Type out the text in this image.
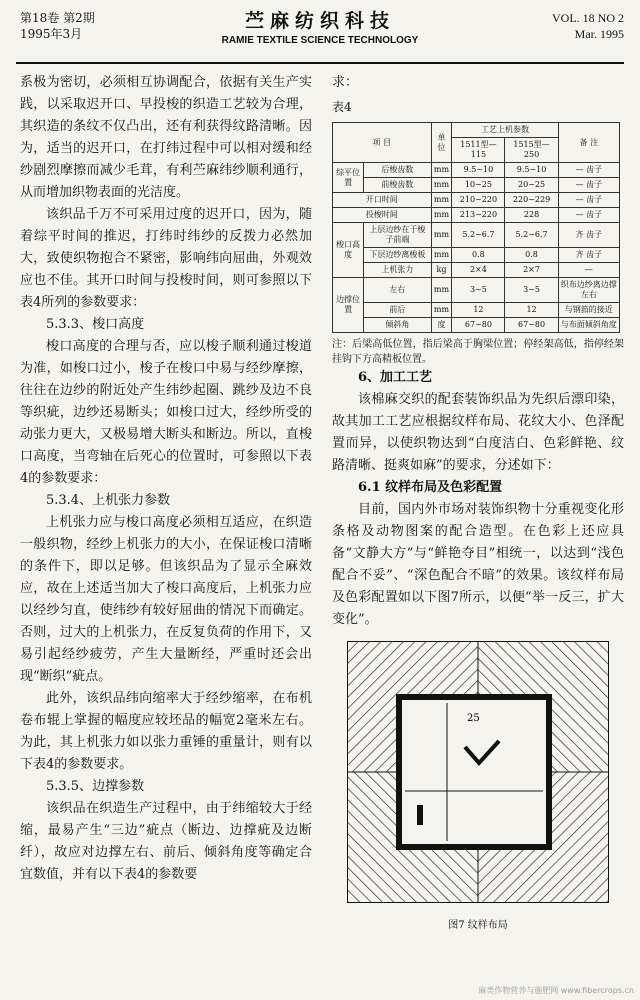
第18卷 第2期
1995年3月
苎麻纺织科技
RAMIE TEXTILE SCIENCE TECHNOLOGY
VOL. 18 NO 2
Mar. 1995

系极为密切，必须相互协调配合，依据有关生产实践，以采取迟开口、早投梭的织造工艺较为合理，其织造的条纹不仅凸出，还有利获得纹路清晰。因为，适当的迟开口，在打纬过程中可以相对缓和经纱剧烈摩擦而减少毛茸，有利苎麻纬纱顺利通行，从而增加织物表面的光洁度。

该织品千万不可采用过度的迟开口，因为，随着综平时间的推迟，打纬时纬纱的反拨力必然加大，致使织物抱合不紧密，影响纬向屈曲，外观效应也不佳。其开口时间与投梭时间，则可参照以下表4所列的参数要求：

5.3.3、梭口高度

梭口高度的合理与否，应以梭子顺利通过梭道为准，如梭口过小，梭子在梭口中易与经纱摩擦，往往在边纱的附近处产生纬纱起圈、跳纱及边不良等织疵，边纱还易断头；如梭口过大，经纱所受的动张力更大，又极易增大断头和断边。所以，直梭口高度，当弯轴在后死心的位置时，可参照以下表4的参数要求：

5.3.4、上机张力参数

上机张力应与梭口高度必须相互适应，在织造一般织物，经纱上机张力的大小，在保证梭口清晰的条件下，即以足够。但该织品为了显示全麻效应，故在上述适当加大了梭口高度后，上机张力应以经纱匀直，使纬纱有较好屈曲的情况下而确定。否则，过大的上机张力，在反复负荷的作用下，又易引起经纱疲劳，产生大量断经，严重时还会出现“断织”疵点。

此外，该织品纬向缩率大于经纱缩率，在布机卷布辊上掌握的幅度应较坯品的幅宽2毫米左右。为此，其上机张力如以张力重锤的重量计，则有以下表4的参数要求。

5.3.5、边撑参数

该织品在织造生产过程中，由于纬缩较大于经缩，最易产生“三边”疵点（断边、边撑疵及边断纤），故应对边撑左右、前后、倾斜角度等确定合宜数值，并有以下表4的参数要

求：

表4
项 目		单位	工艺上机参数		备 注
			1511型—115	1515型—250	
综平位置	后梭齿数	mm	9.5~10	9.5~10	— 齿子
	前梭齿数	mm	10~25	20~25	— 齿子
开口时间		mm	210~220	220~229	— 齿子
投梭时间		mm	213~220	228	— 齿子
梭口高度	上层边纱在于梭子前端	mm	5.2~6.7	5.2~6.7	齐 齿子
	下层边纱离梭板	mm	0.8	0.8	齐 齿子
	上机张力	kg	2×4	2×7	—
边撑位置	左右	mm	3~5	3~5	织布边纱离边撑左右
	前后	mm	12	12	与钢筘的接近
	倾斜角	度	67~80	67~80	与布面倾斜角度
注：后梁高低位置，指后梁高于胸梁位置；停经架高低，指停经架挂钩下方高精板位置。

6、加工工艺

该棉麻交织的配套装饰织品为先织后漂印染，故其加工工艺应根据纹样布局、花纹大小、色泽配置而异，以使织物达到“白度洁白、色彩鲜艳、纹路清晰、挺爽如麻”的要求，分述如下：

6.1 纹样布局及色彩配置

目前，国内外市场对装饰织物十分重视变化形条格及动物图案的配合造型。在色彩上还应具备“文静大方”与“鲜艳夺目”相统一，以达到“浅色配合不妥”、“深色配合不暗”的效果。该纹样布局及色彩配置如以下图7所示，以便“举一反三，扩大变化”。

25
图7 纹样布局
麻类作物营养与施肥网 www.fibercrops.cn
